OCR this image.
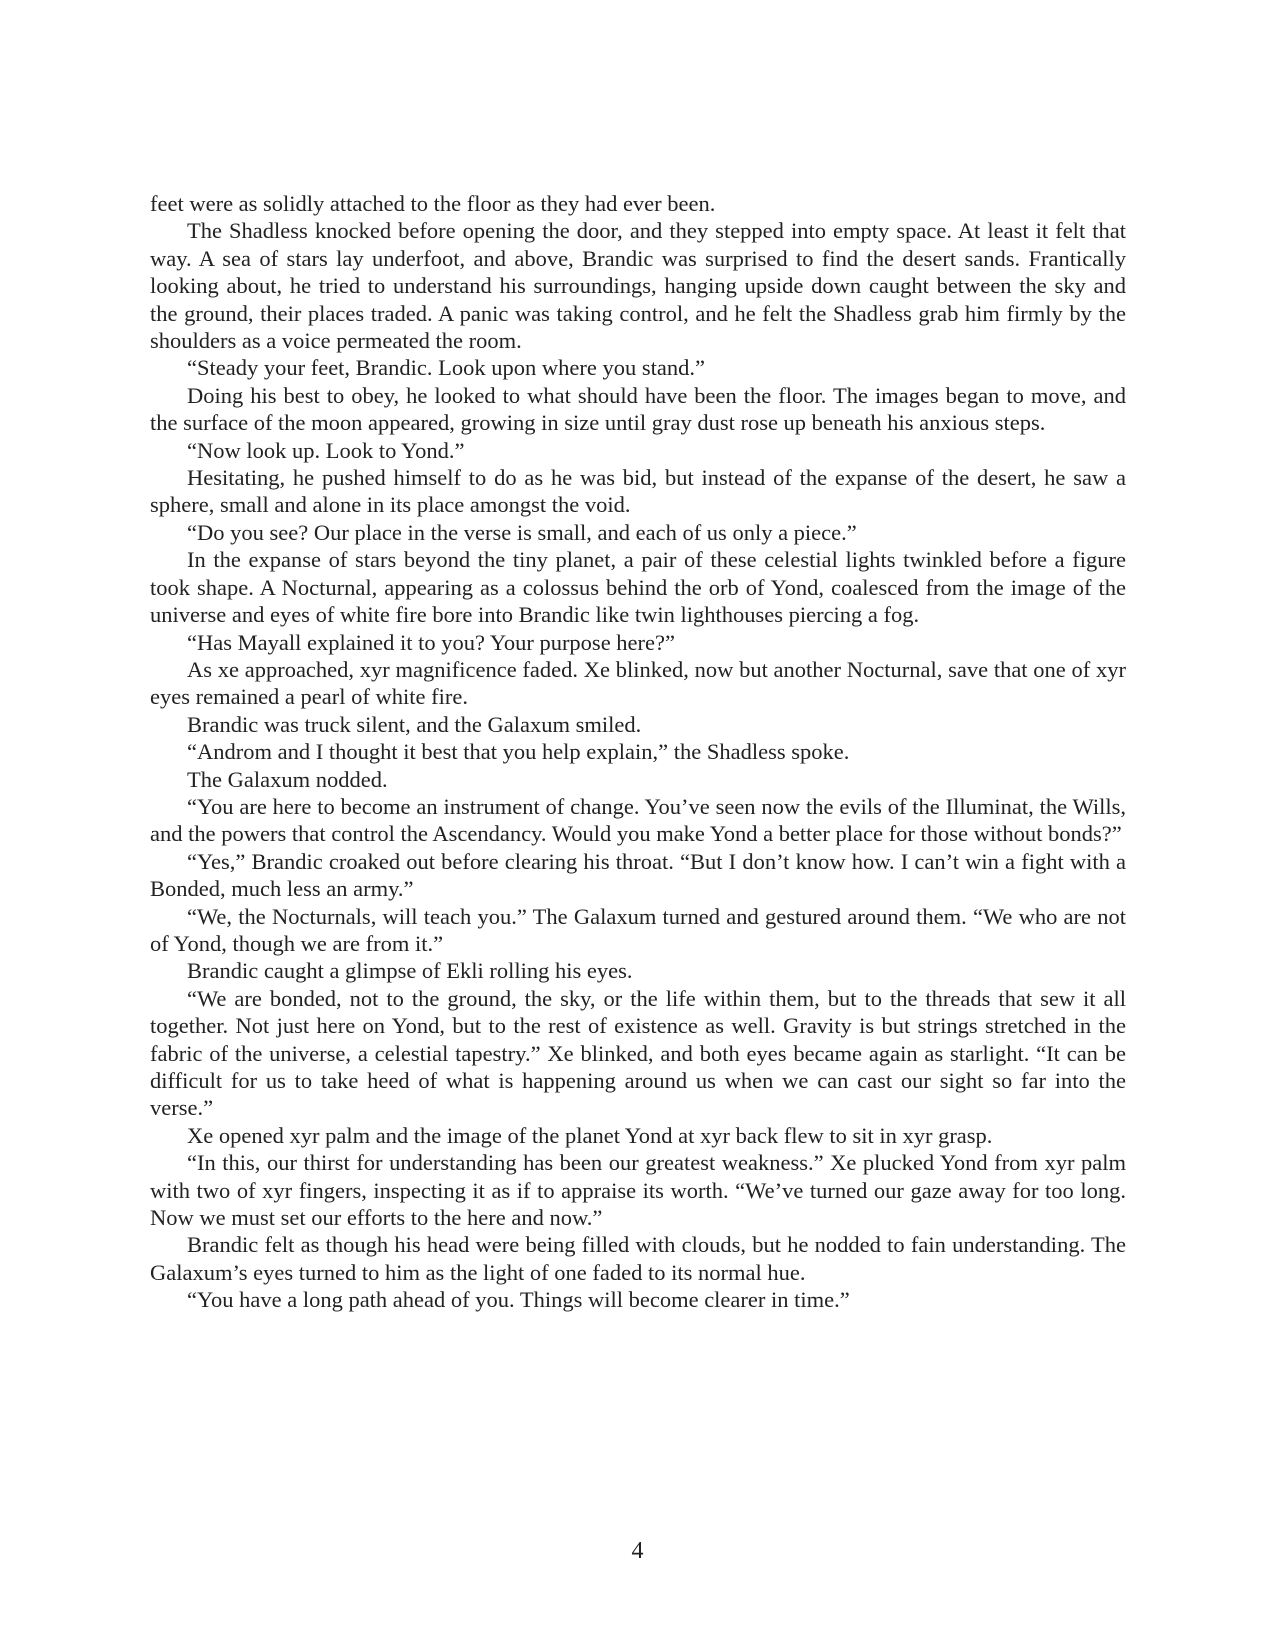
feet were as solidly attached to the floor as they had ever been.

The Shadless knocked before opening the door, and they stepped into empty space. At least it felt that way. A sea of stars lay underfoot, and above, Brandic was surprised to find the desert sands. Frantically looking about, he tried to understand his surroundings, hanging upside down caught between the sky and the ground, their places traded. A panic was taking control, and he felt the Shadless grab him firmly by the shoulders as a voice permeated the room.

“Steady your feet, Brandic. Look upon where you stand.”

Doing his best to obey, he looked to what should have been the floor. The images began to move, and the surface of the moon appeared, growing in size until gray dust rose up beneath his anxious steps.

“Now look up. Look to Yond.”

Hesitating, he pushed himself to do as he was bid, but instead of the expanse of the desert, he saw a sphere, small and alone in its place amongst the void.

“Do you see? Our place in the verse is small, and each of us only a piece.”

In the expanse of stars beyond the tiny planet, a pair of these celestial lights twinkled before a figure took shape. A Nocturnal, appearing as a colossus behind the orb of Yond, coalesced from the image of the universe and eyes of white fire bore into Brandic like twin lighthouses piercing a fog.

“Has Mayall explained it to you? Your purpose here?”

As xe approached, xyr magnificence faded. Xe blinked, now but another Nocturnal, save that one of xyr eyes remained a pearl of white fire.

Brandic was truck silent, and the Galaxum smiled.

“Androm and I thought it best that you help explain,” the Shadless spoke.

The Galaxum nodded.

“You are here to become an instrument of change. You’ve seen now the evils of the Illuminat, the Wills, and the powers that control the Ascendancy. Would you make Yond a better place for those without bonds?”

“Yes,” Brandic croaked out before clearing his throat. “But I don’t know how. I can’t win a fight with a Bonded, much less an army.”

“We, the Nocturnals, will teach you.” The Galaxum turned and gestured around them. “We who are not of Yond, though we are from it.”

Brandic caught a glimpse of Ekli rolling his eyes.

“We are bonded, not to the ground, the sky, or the life within them, but to the threads that sew it all together. Not just here on Yond, but to the rest of existence as well. Gravity is but strings stretched in the fabric of the universe, a celestial tapestry.” Xe blinked, and both eyes became again as starlight. “It can be difficult for us to take heed of what is happening around us when we can cast our sight so far into the verse.”

Xe opened xyr palm and the image of the planet Yond at xyr back flew to sit in xyr grasp.

“In this, our thirst for understanding has been our greatest weakness.” Xe plucked Yond from xyr palm with two of xyr fingers, inspecting it as if to appraise its worth. “We’ve turned our gaze away for too long. Now we must set our efforts to the here and now.”

Brandic felt as though his head were being filled with clouds, but he nodded to fain understanding. The Galaxum’s eyes turned to him as the light of one faded to its normal hue.

“You have a long path ahead of you. Things will become clearer in time.”

4
